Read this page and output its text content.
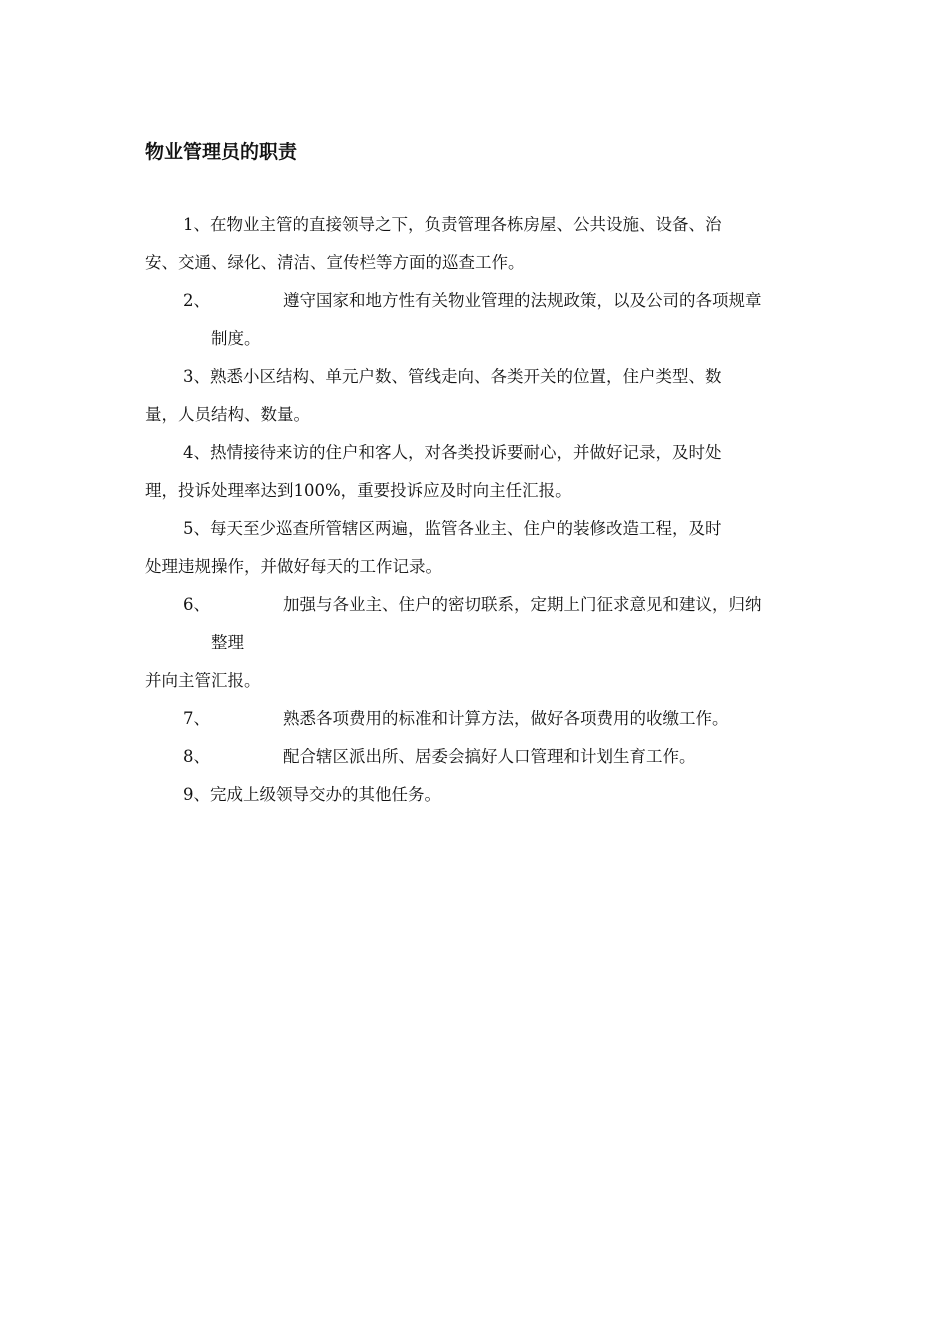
物业管理员的职责

1、在物业主管的直接领导之下，负责管理各栋房屋、公共设施、设备、治
安、交通、绿化、清洁、宣传栏等方面的巡查工作。

2、	遵守国家和地方性有关物业管理的法规政策，以及公司的各项规章
制度。

3、熟悉小区结构、单元户数、管线走向、各类开关的位置，住户类型、数
量，人员结构、数量。

4、热情接待来访的住户和客人，对各类投诉要耐心，并做好记录，及时处
理，投诉处理率达到100%，重要投诉应及时向主任汇报。

5、每天至少巡查所管辖区两遍，监管各业主、住户的装修改造工程，及时
处理违规操作，并做好每天的工作记录。

6、	加强与各业主、住户的密切联系，定期上门征求意见和建议，归纳
整理
并向主管汇报。
7、	熟悉各项费用的标准和计算方法，做好各项费用的收缴工作。
8、	配合辖区派出所、居委会搞好人口管理和计划生育工作。

9、完成上级领导交办的其他任务。
